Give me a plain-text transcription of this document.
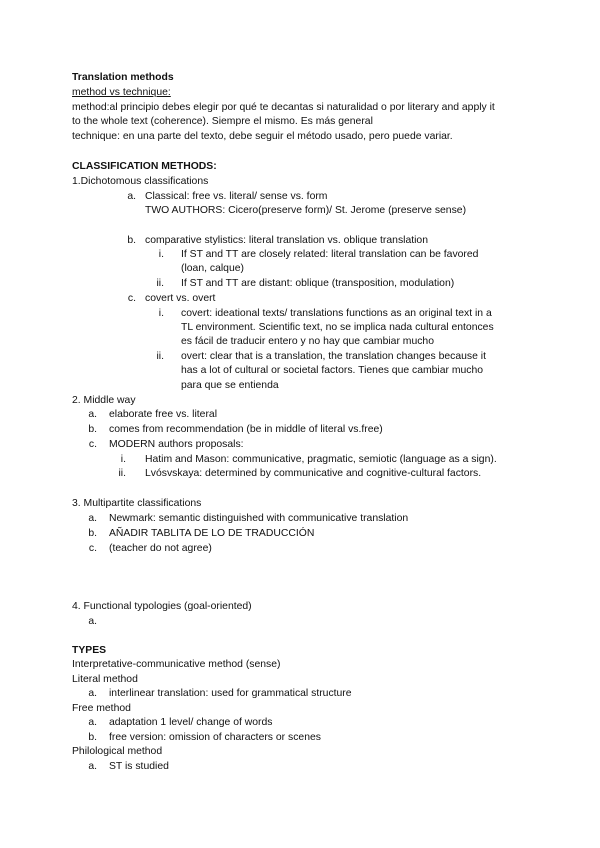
Translation methods
method vs technique:
method:al principio debes elegir por qué te decantas si naturalidad o por literary and apply it
to the whole text (coherence). Siempre el mismo. Es más general
technique: en una parte del texto, debe seguir el método usado, pero puede variar.
CLASSIFICATION METHODS:
1.Dichotomous classifications
a. Classical: free vs. literal/ sense vs. form
TWO AUTHORS: Cicero(preserve form)/ St. Jerome (preserve sense)
b. comparative stylistics: literal translation vs. oblique translation
i. If ST and TT are closely related: literal translation can be favored
(loan, calque)
ii. If ST and TT are distant: oblique (transposition, modulation)
c. covert vs. overt
i. covert: ideational texts/ translations functions as an original text in a
TL environment. Scientific text, no se implica nada cultural entonces
es fácil de traducir entero y no hay que cambiar mucho
ii. overt: clear that is a translation, the translation changes because it
has a lot of cultural or societal factors. Tienes que cambiar mucho
para que se entienda
2. Middle way
a. elaborate free vs. literal
b. comes from recommendation (be in middle of literal vs.free)
c. MODERN authors proposals:
i. Hatim and Mason: communicative, pragmatic, semiotic (language as a sign).
ii. Lvósvskaya: determined by communicative and cognitive-cultural factors.
3. Multipartite classifications
a. Newmark: semantic distinguished with communicative translation
b. AÑADIR TABLITA DE LO DE TRADUCCIÓN
c. (teacher do not agree)
4. Functional typologies (goal-oriented)
a.
TYPES
Interpretative-communicative method (sense)
Literal method
a. interlinear translation: used for grammatical structure
Free method
a. adaptation 1 level/ change of words
b. free version: omission of characters or scenes
Philological method
a. ST is studied
